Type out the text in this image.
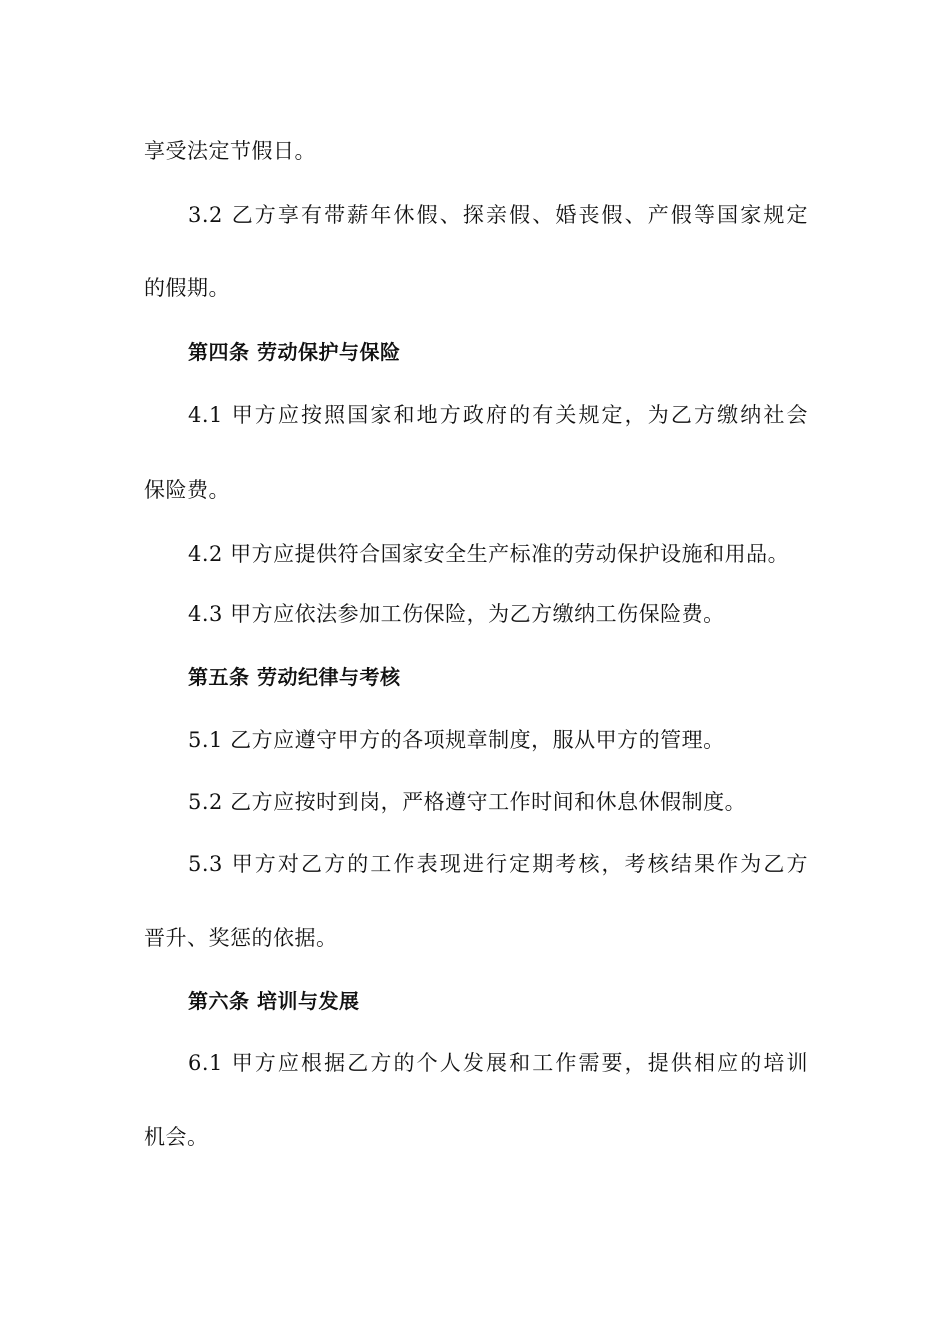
享受法定节假日。
3.2 乙方享有带薪年休假、探亲假、婚丧假、产假等国家规定
的假期。
第四条 劳动保护与保险
4.1 甲方应按照国家和地方政府的有关规定，为乙方缴纳社会
保险费。
4.2 甲方应提供符合国家安全生产标准的劳动保护设施和用品。
4.3 甲方应依法参加工伤保险，为乙方缴纳工伤保险费。
第五条 劳动纪律与考核
5.1 乙方应遵守甲方的各项规章制度，服从甲方的管理。
5.2 乙方应按时到岗，严格遵守工作时间和休息休假制度。
5.3 甲方对乙方的工作表现进行定期考核，考核结果作为乙方
晋升、奖惩的依据。
第六条 培训与发展
6.1 甲方应根据乙方的个人发展和工作需要，提供相应的培训
机会。
